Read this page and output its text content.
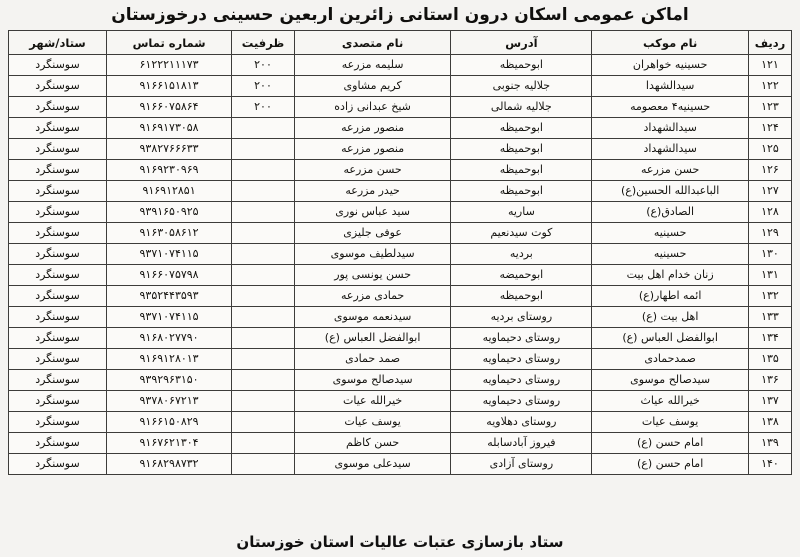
اماکن عمومی اسکان درون استانی زائرین اربعین حسینی درخوزستان
ردیف	نام موکب	آدرس	نام متصدی	ظرفیت	شماره تماس	ستاد/شهر
۱۲۱	حسینیه خواهران	ابوحمیظه	سلیمه مزرعه	۲۰۰	۶۱۲۲۲۱۱۱۷۳	سوسنگرد
۱۲۲	سیدالشهدا	جلالیه جنوبی	کریم مشاوی	۲۰۰	۹۱۶۶۱۵۱۸۱۳	سوسنگرد
۱۲۳	حسینیه۴ معصومه	جلالیه شمالی	شیخ عبدانی زاده	۲۰۰	۹۱۶۶۰۷۵۸۶۴	سوسنگرد
۱۲۴	سیدالشهداد	ابوحمیظه	منصور مزرعه		۹۱۶۹۱۷۳۰۵۸	سوسنگرد
۱۲۵	سیدالشهداد	ابوحمیظه	منصور مزرعه		۹۳۸۲۷۶۶۶۳۳	سوسنگرد
۱۲۶	حسن مزرعه	ابوحمیظه	حسن مزرعه		۹۱۶۹۲۳۰۹۶۹	سوسنگرد
۱۲۷	الباعبدالله الحسین(ع)	ابوحمیظه	حیدر مزرعه		۹۱۶۹۱۲۸۵۱	سوسنگرد
۱۲۸	الصادق(ع)	ساریه	سید عباس نوری		۹۳۹۱۶۵۰۹۲۵	سوسنگرد
۱۲۹	حسینیه	کوت سیدنعیم	عوفی جلیزی		۹۱۶۳۰۵۸۶۱۲	سوسنگرد
۱۳۰	حسینیه	بردیه	سیدلطیف موسوی		۹۳۷۱۰۷۴۱۱۵	سوسنگرد
۱۳۱	زنان خدام اهل بیت	ابوحمیضه	حسن یونسی پور		۹۱۶۶۰۷۵۷۹۸	سوسنگرد
۱۳۲	ائمه اطهار(ع)	ابوحمیظه	حمادی مزرعه		۹۳۵۲۴۴۳۵۹۳	سوسنگرد
۱۳۳	اهل بیت (ع)	روستای بردیه	سیدنعمه موسوی		۹۳۷۱۰۷۴۱۱۵	سوسنگرد
۱۳۴	ابوالفضل العباس (ع)	روستای دحیماویه	ابوالفضل العباس (ع)		۹۱۶۸۰۲۷۷۹۰	سوسنگرد
۱۳۵	صمدحمادی	روستای دحیماویه	صمد حمادی		۹۱۶۹۱۲۸۰۱۳	سوسنگرد
۱۳۶	سیدصالح موسوی	روستای دحیماویه	سیدصالح موسوی		۹۳۹۲۹۶۳۱۵۰	سوسنگرد
۱۳۷	خیرالله عیاث	روستای دحیماویه	خیرالله عیات		۹۳۷۸۰۶۷۲۱۳	سوسنگرد
۱۳۸	یوسف عیات	روستای دهلاویه	یوسف عیات		۹۱۶۶۱۵۰۸۲۹	سوسنگرد
۱۳۹	امام حسن (ع)	فیروز آبادسابله	حسن کاظم		۹۱۶۷۶۲۱۳۰۴	سوسنگرد
۱۴۰	امام حسن (ع)	روستای آزادی	سیدعلی موسوی		۹۱۶۸۲۹۸۷۳۲	سوسنگرد
ستاد بازسازی عتبات عالیات استان خوزستان
